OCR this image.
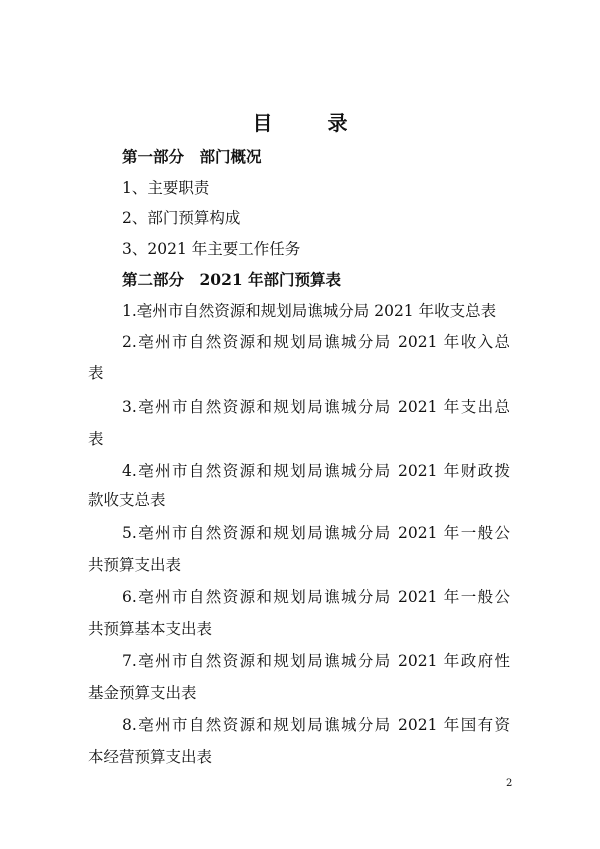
目 录
第一部分　部门概况
1、主要职责
2、部门预算构成
3、2021 年主要工作任务
第二部分　2021 年部门预算表
1.亳州市自然资源和规划局谯城分局 2021 年收支总表
2.亳州市自然资源和规划局谯城分局 2021 年收入总
表
3.亳州市自然资源和规划局谯城分局 2021 年支出总
表
4.亳州市自然资源和规划局谯城分局 2021 年财政拨
款收支总表
5.亳州市自然资源和规划局谯城分局 2021 年一般公
共预算支出表
6.亳州市自然资源和规划局谯城分局 2021 年一般公
共预算基本支出表
7.亳州市自然资源和规划局谯城分局 2021 年政府性
基金预算支出表
8.亳州市自然资源和规划局谯城分局 2021 年国有资
本经营预算支出表
2
